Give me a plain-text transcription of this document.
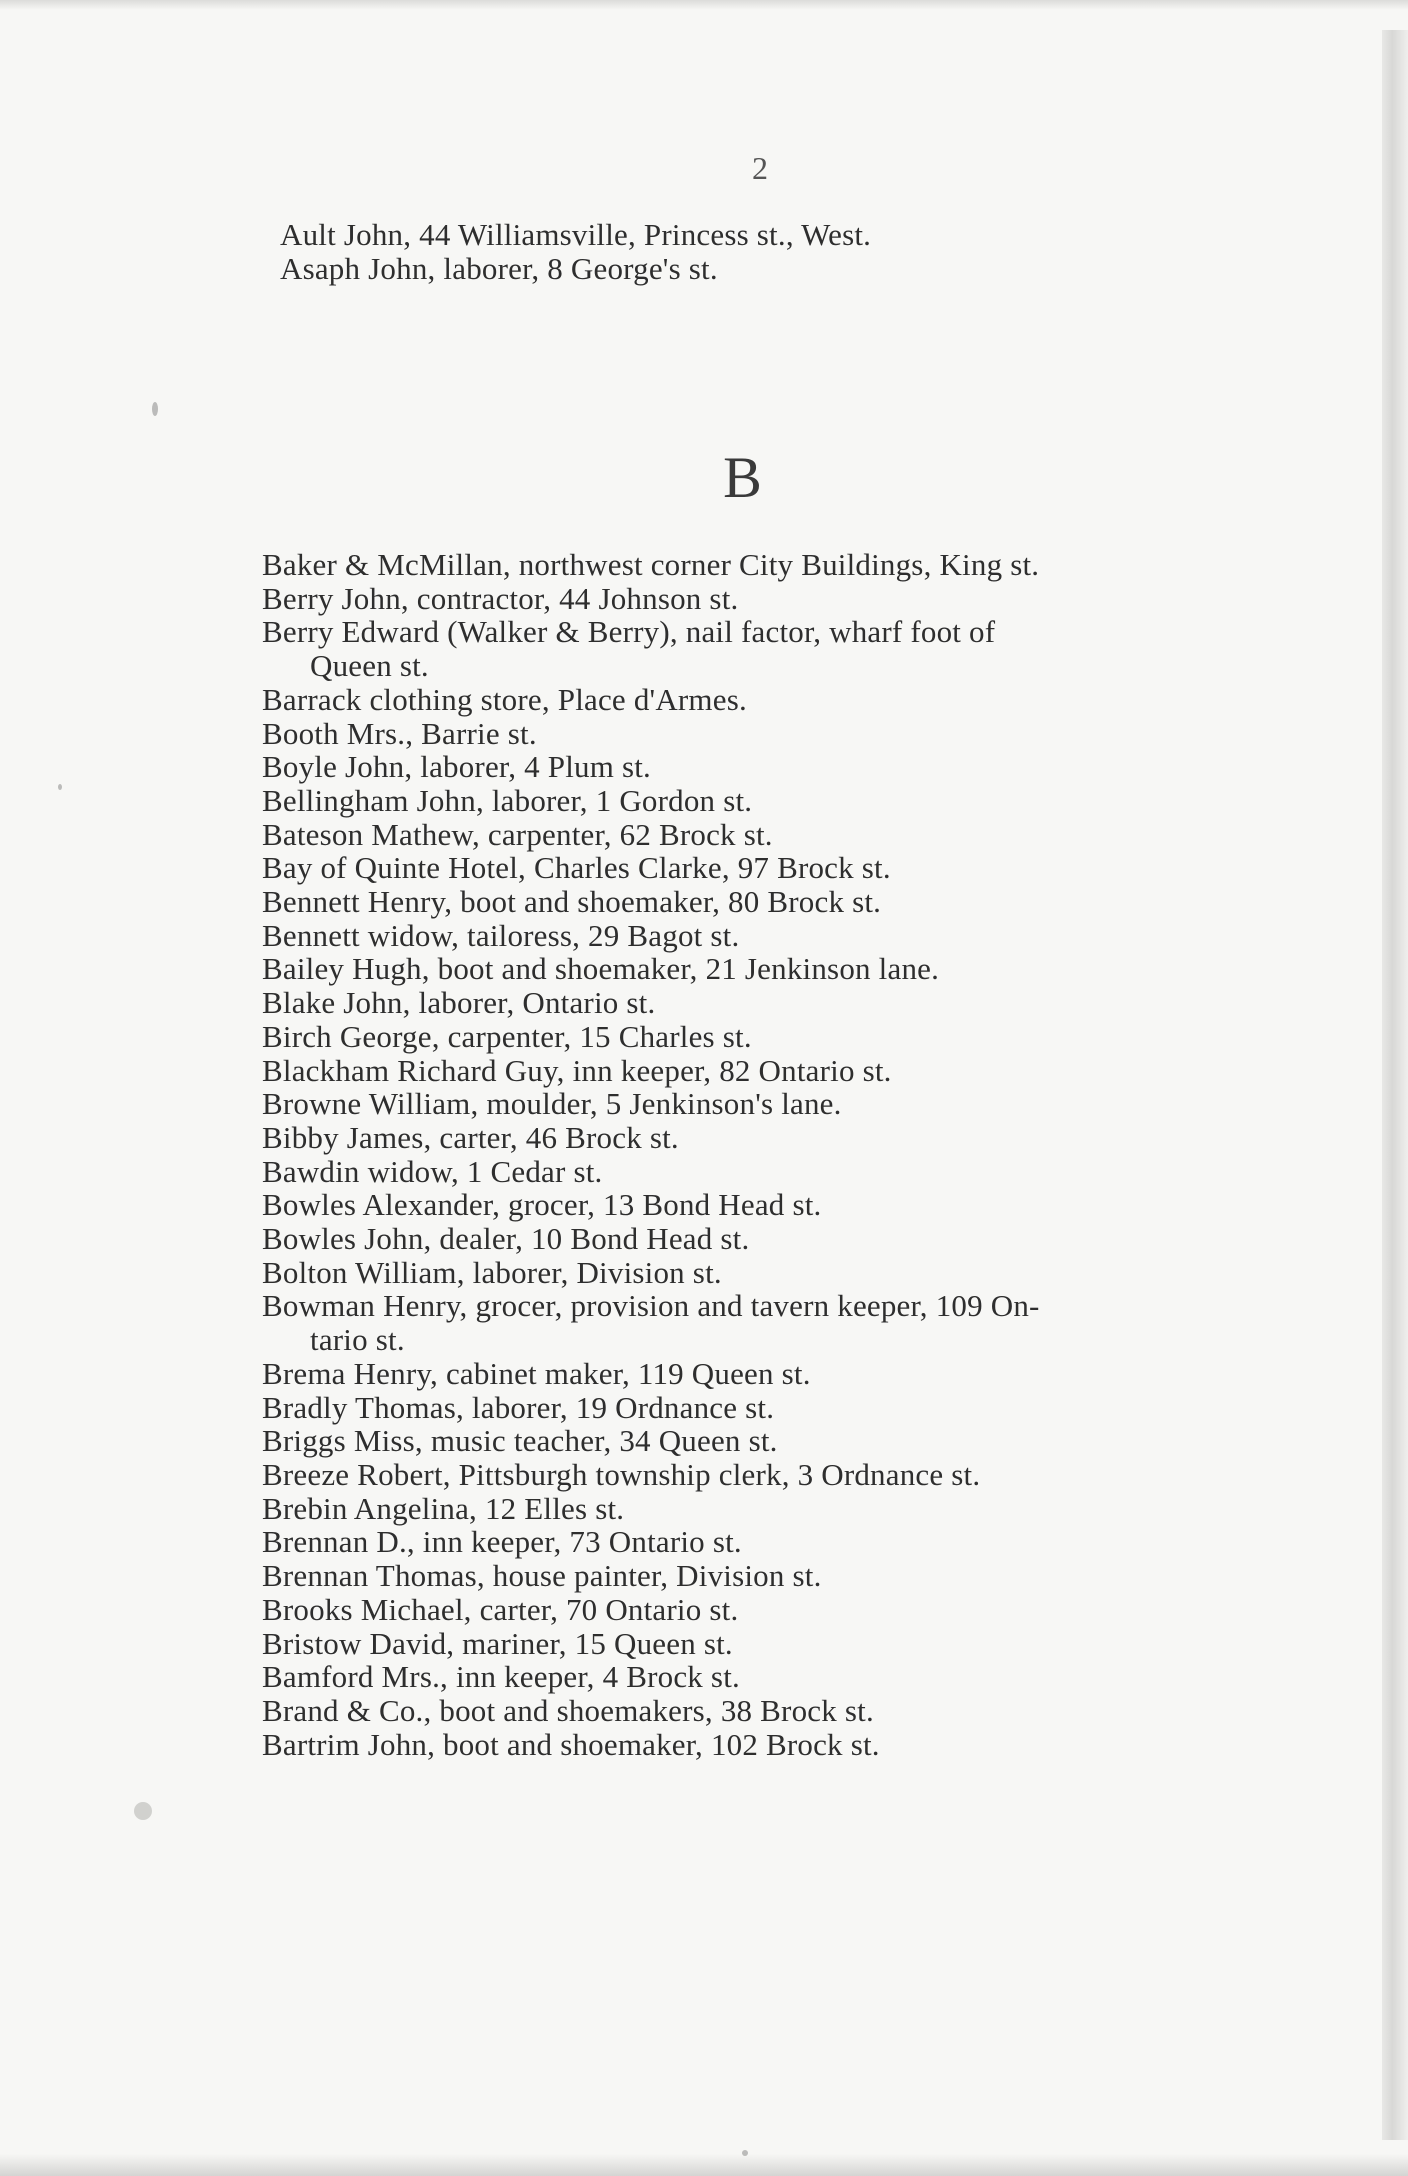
2
Ault John, 44 Williamsville, Princess st., West.
Asaph John, laborer, 8 George's st.
B
Baker & McMillan, northwest corner City Buildings, King st.
Berry John, contractor, 44 Johnson st.
Berry Edward (Walker & Berry), nail factor, wharf foot of
Queen st.
Barrack clothing store, Place d'Armes.
Booth Mrs., Barrie st.
Boyle John, laborer, 4 Plum st.
Bellingham John, laborer, 1 Gordon st.
Bateson Mathew, carpenter, 62 Brock st.
Bay of Quinte Hotel, Charles Clarke, 97 Brock st.
Bennett Henry, boot and shoemaker, 80 Brock st.
Bennett widow, tailoress, 29 Bagot st.
Bailey Hugh, boot and shoemaker, 21 Jenkinson lane.
Blake John, laborer, Ontario st.
Birch George, carpenter, 15 Charles st.
Blackham Richard Guy, inn keeper, 82 Ontario st.
Browne William, moulder, 5 Jenkinson's lane.
Bibby James, carter, 46 Brock st.
Bawdin widow, 1 Cedar st.
Bowles Alexander, grocer, 13 Bond Head st.
Bowles John, dealer, 10 Bond Head st.
Bolton William, laborer, Division st.
Bowman Henry, grocer, provision and tavern keeper, 109 On-
tario st.
Brema Henry, cabinet maker, 119 Queen st.
Bradly Thomas, laborer, 19 Ordnance st.
Briggs Miss, music teacher, 34 Queen st.
Breeze Robert, Pittsburgh township clerk, 3 Ordnance st.
Brebin Angelina, 12 Elles st.
Brennan D., inn keeper, 73 Ontario st.
Brennan Thomas, house painter, Division st.
Brooks Michael, carter, 70 Ontario st.
Bristow David, mariner, 15 Queen st.
Bamford Mrs., inn keeper, 4 Brock st.
Brand & Co., boot and shoemakers, 38 Brock st.
Bartrim John, boot and shoemaker, 102 Brock st.
